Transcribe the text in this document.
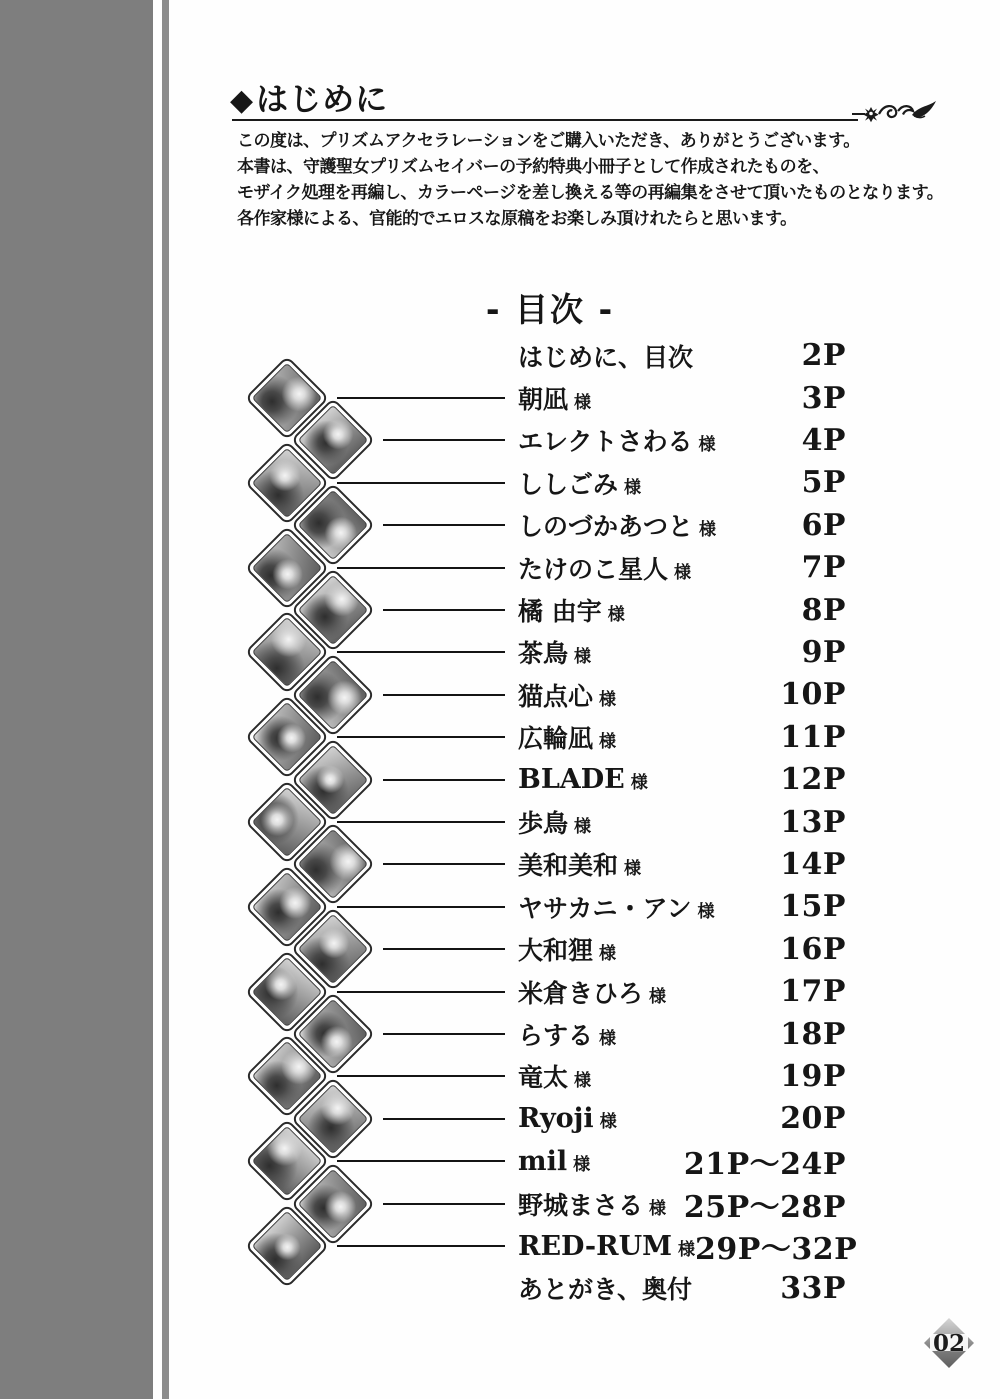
◆はじめに
この度は、プリズムアクセラレーションをご購入いただき、ありがとうございます。
本書は、守護聖女プリズムセイバーの予約特典小冊子として作成されたものを、
モザイク処理を再編し、カラーページを差し換える等の再編集をさせて頂いたものとなります。
各作家様による、官能的でエロスな原稿をお楽しみ頂けれたらと思います。
- 目次 -
はじめに、目次	2P
朝凪 様	3P
エレクトさわる 様	4P
ししごみ 様	5P
しのづかあつと 様	6P
たけのこ星人 様	7P
橘 由宇 様	8P
茶鳥 様	9P
猫点心 様	10P
広輪凪 様	11P
BLADE 様	12P
歩鳥 様	13P
美和美和 様	14P
ヤサカニ・アン 様 15P
大和狸 様	16P
米倉きひろ 様	17P
らする 様	18P
竜太 様	19P
Ryoji 様	20P
mil 様	21P〜24P
野城まさる 様 25P〜28P
RED-RUM 様 29P〜32P
あとがき、奥付	33P
02
